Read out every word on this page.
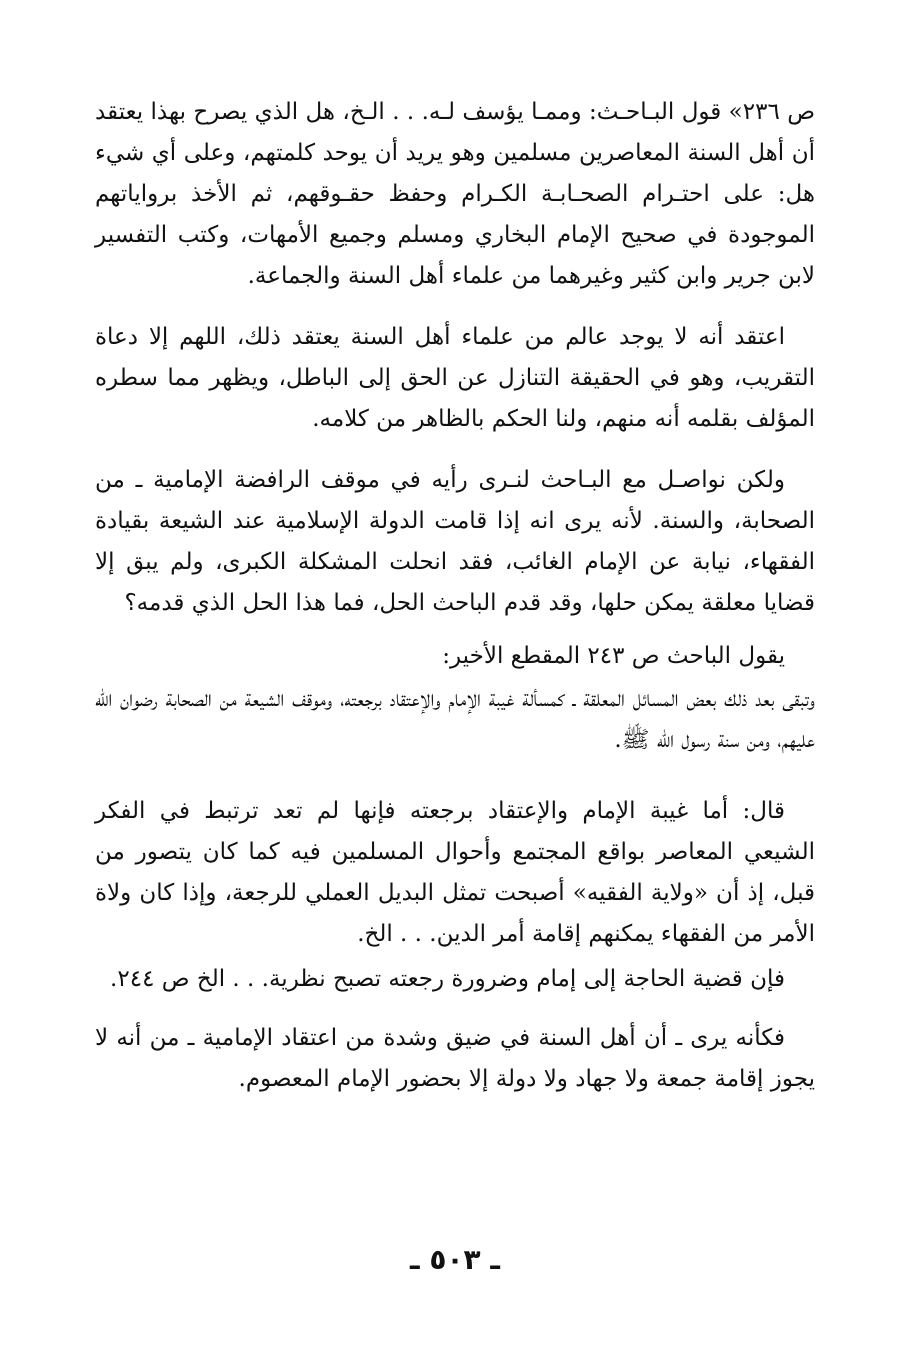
ص ٢٣٦» قول البـاحـث: وممـا يؤسف لـه. . . الـخ، هل الذي يصرح بهذا يعتقد أن أهل السنة المعاصرين مسلمين وهو يريد أن يوحد كلمتهم، وعلى أي شيء هل: على احتـرام الصحـابـة الكـرام وحفظ حقـوقهم، ثم الأخذ برواياتهم الموجودة في صحيح الإمام البخاري ومسلم وجميع الأمهات، وكتب التفسير لابن جرير وابن كثير وغيرهما من علماء أهل السنة والجماعة.

اعتقد أنه لا يوجد عالم من علماء أهل السنة يعتقد ذلك، اللهم إلا دعاة التقريب، وهو في الحقيقة التنازل عن الحق إلى الباطل، ويظهر مما سطره المؤلف بقلمه أنه منهم، ولنا الحكم بالظاهر من كلامه.

ولكن نواصـل مع البـاحث لنـرى رأيه في موقف الرافضة الإمامية ـ من الصحابة، والسنة. لأنه يرى انه إذا قامت الدولة الإسلامية عند الشيعة بقيادة الفقهاء، نيابة عن الإمام الغائب، فقد انحلت المشكلة الكبرى، ولم يبق إلا قضايا معلقة يمكن حلها، وقد قدم الباحث الحل، فما هذا الحل الذي قدمه؟

يقول الباحث ص ٢٤٣ المقطع الأخير:

وتبقى بعد ذلك بعض المسائل المعلقة ـ كمسألة غيبة الإمام والإعتقاد برجعته، وموقف الشيعة من الصحابة رضوان الله عليهم، ومن سنة رسول الله ﷺ.

قال: أما غيبة الإمام والإعتقاد برجعته فإنها لم تعد ترتبط في الفكر الشيعي المعاصر بواقع المجتمع وأحوال المسلمين فيه كما كان يتصور من قبل، إذ أن «ولاية الفقيه» أصبحت تمثل البديل العملي للرجعة، وإذا كان ولاة الأمر من الفقهاء يمكنهم إقامة أمر الدين. . . الخ.

فإن قضية الحاجة إلى إمام وضرورة رجعته تصبح نظرية. . . الخ ص ٢٤٤.

فكأنه يرى ـ أن أهل السنة في ضيق وشدة من اعتقاد الإمامية ـ من أنه لا يجوز إقامة جمعة ولا جهاد ولا دولة إلا بحضور الإمام المعصوم.

ـ ٥٠٣ ـ
